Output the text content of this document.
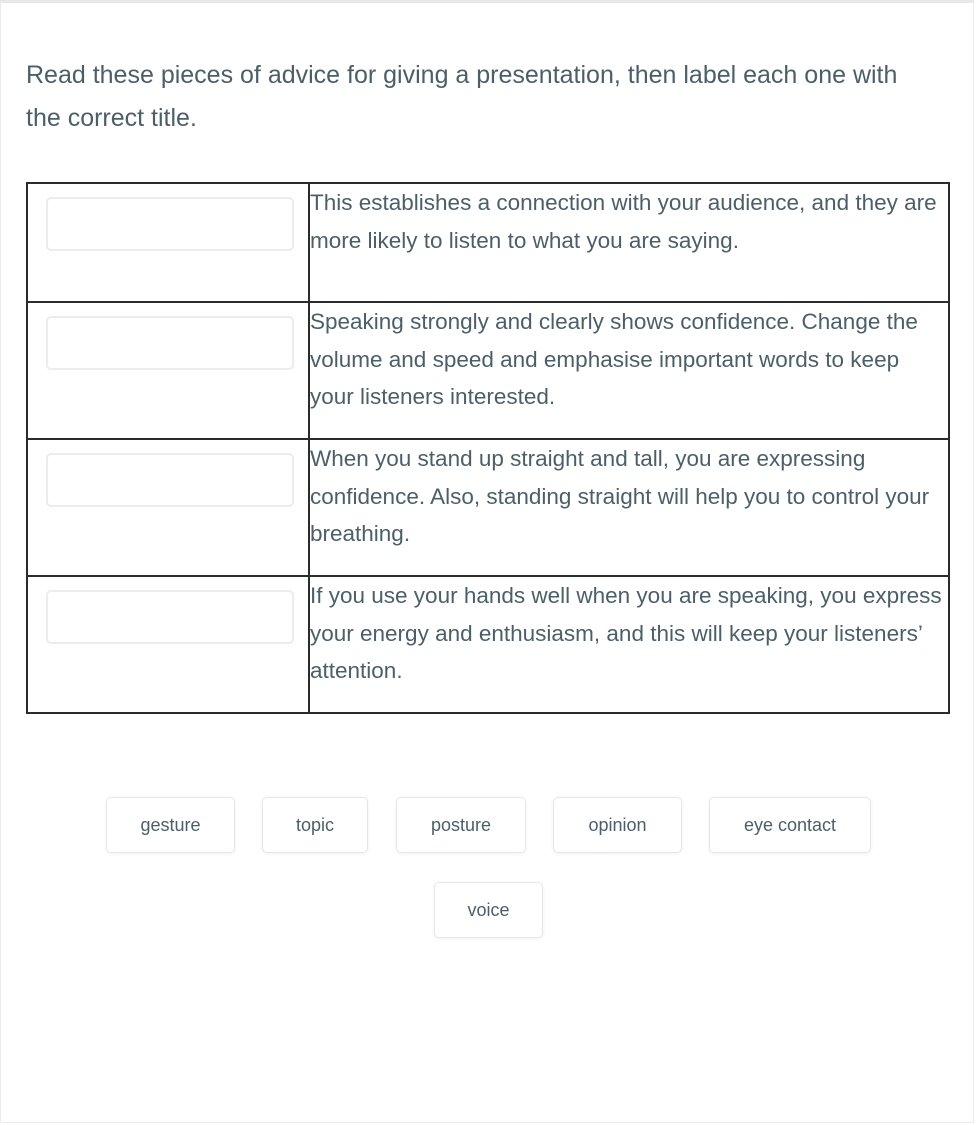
Read these pieces of advice for giving a presentation, then label each one with the correct title.

	This establishes a connection with your audience, and they are more likely to listen to what you are saying.

	Speaking strongly and clearly shows confidence. Change the volume and speed and emphasise important words to keep your listeners interested.

	When you stand up straight and tall, you are expressing confidence. Also, standing straight will help you to control your breathing.

	If you use your hands well when you are speaking, you express your energy and enthusiasm, and this will keep your listeners’ attention.
gesture	topic	posture	opinion	eye contact
voice
